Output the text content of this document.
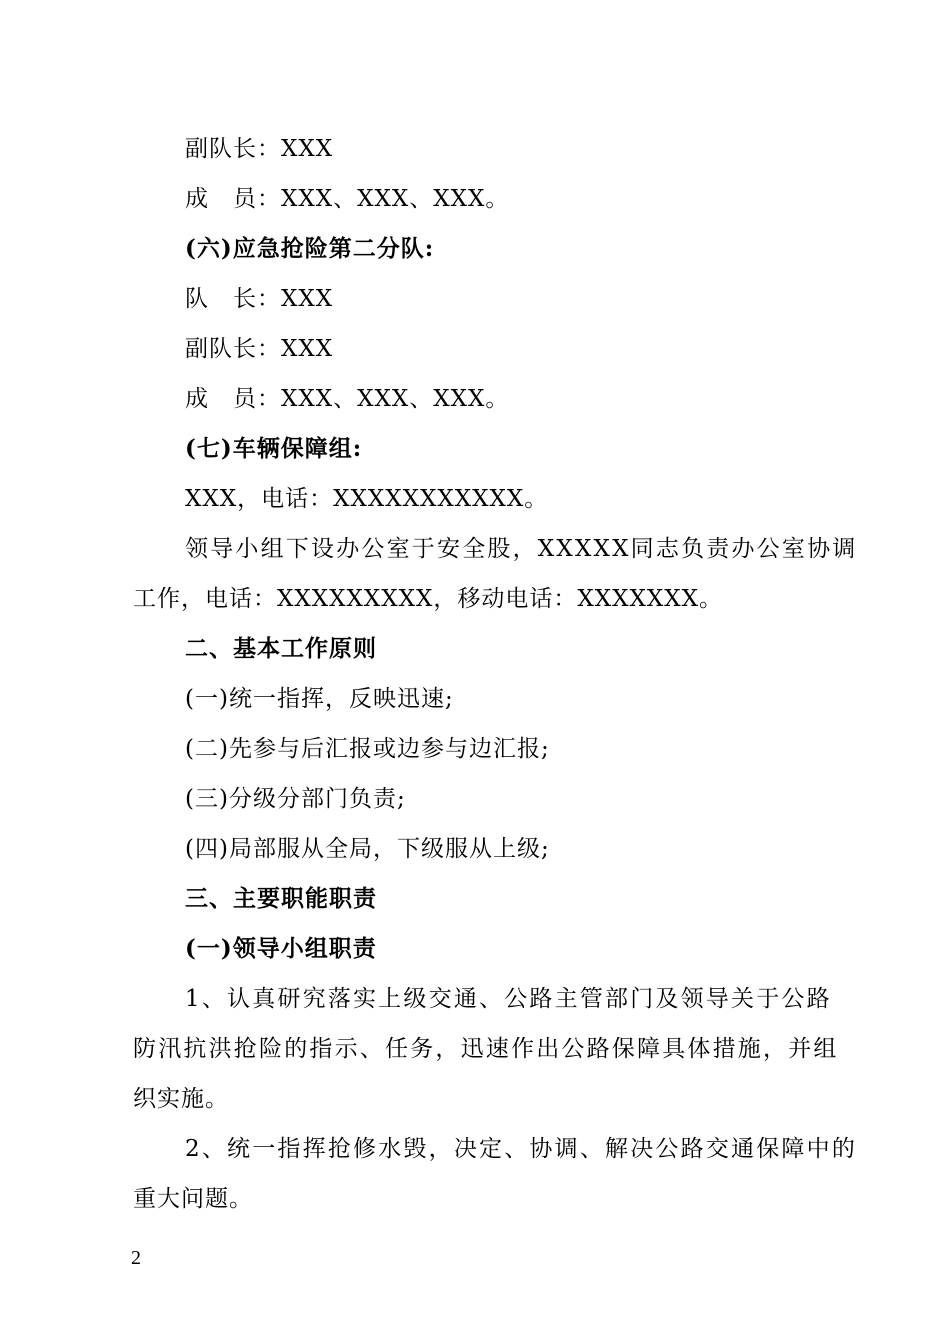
副队长：XXX
成　员：XXX、XXX、XXX。
(六)应急抢险第二分队:
队　长：XXX
副队长：XXX
成　员：XXX、XXX、XXX。
(七)车辆保障组:
XXX，电话：XXXXXXXXXXX。
领导小组下设办公室于安全股，XXXXX同志负责办公室协调
工作，电话：XXXXXXXXX，移动电话：XXXXXXX。
二、基本工作原则
(一)统一指挥，反映迅速;
(二)先参与后汇报或边参与边汇报;
(三)分级分部门负责;
(四)局部服从全局，下级服从上级;
三、主要职能职责
(一)领导小组职责
1、认真研究落实上级交通、公路主管部门及领导关于公路
防汛抗洪抢险的指示、任务，迅速作出公路保障具体措施，并组
织实施。
2、统一指挥抢修水毁，决定、协调、解决公路交通保障中的
重大问题。
2
